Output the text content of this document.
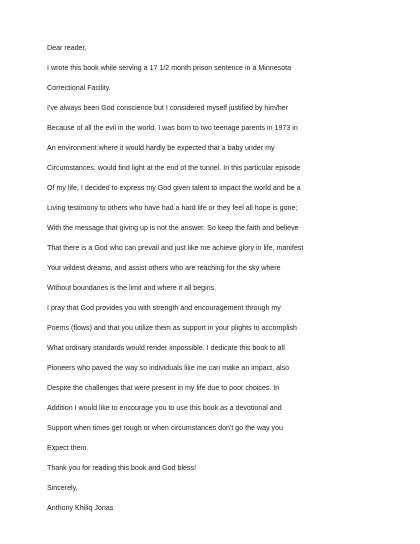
Dear reader,

I wrote this book while serving a 17 1/2 month prison sentence in a Minnesota

Correctional Facility.

I've always been God conscience but I considered myself justified by him/her

Because of all the evil in the world. I was born to two teenage parents in 1973 in

An environment where it would hardly be expected that a baby under my

Circumstances, would find light at the end of the tunnel. In this particular episode

Of my life, I decided to express my God given talent to impact the world and be a

Living testimony to others who have had a hard life or they feel all hope is gone;

With the message that giving up is not the answer. So keep the faith and believe

That there is a God who can prevail and just like me achieve glory in life, manifest

Your wildest dreams, and assist others who are reaching for the sky where

Without boundaries is the limit and where it all begins.

I pray that God provides you with strength and encouragement through my

Poems (flows) and that you utilize them as support in your plights to accomplish

What ordinary standards would render impossible. I dedicate this book to all

Pioneers who paved the way so individuals like me can make an impact, also

Despite the challenges that were present in my life due to poor choices. In

Addition I would like to encourage you to use this book as a devotional and

Support when times get rough or when circumstances don't go the way you

Expect them.

Thank you for reading this book and God bless!

Sincerely,

Anthony Khiliq Jonas
